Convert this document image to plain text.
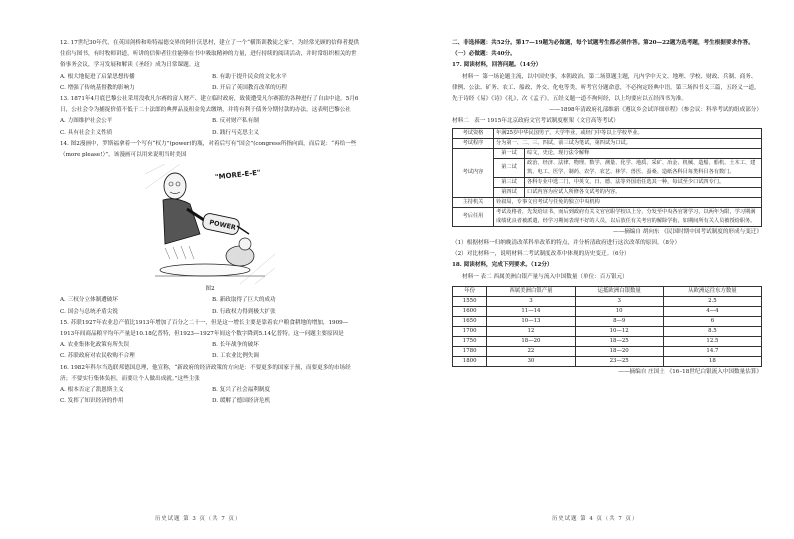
12. 17世纪30年代，在英国剑桥和哈特福德交界的阿什沃思村，建立了一个“横笛训教徒之家”，为经常光顾的信仰者提供住宿与图书，有时牧师讲道，听讲的信仰者往往能够在书中吸取精神的力量，进行持续的阅读活动，并时常组织相关的世俗事务会议，学习发展和解读《圣经》成为日常课题。这

A. 根大地促进了启蒙思想传播	B. 有助于提升民众的文化水平
C. 增强了传统基督教的影响力	D. 开启了英国教育改革的历程

13. 1871年4月底巴黎公社采用没收凡尔赛的富人财产、建立临时政府，致使遭受凡尔赛派的各种进行了自由中途。5月6日，公社会令为捕捉价值不低于二十法郎的典押品及租金免去缴纳，并将有利于债务分期付款的办法。这表明巴黎公社

A. 力图维护社会公平	B. 反对财产私有制
C. 具有社会主义性质	D. 践行马克思主义

14. 图2漫画中，罗斯福拿着一个写有“权力”(power)的瓶，对着后写有“国会”(congress所指向面，而后说：“再给一些（more please!）”，该漫画可以用来说明当时美国

"MORE-E-E"
POWER

图2

A. 三权分立体制遭破坏	B. 新政取得了巨大的成功
C. 国会与总统矛盾尖锐	D. 行政权力得到极大扩张

15. 苏联1927年农业总产值比1913年增加了百分之二十一，但是这一增长主要是靠着农户粮食耕地的增加，1909—1913年间商品粮平均年产量是10.18亿普特，但1923—1927年间这个数字降到5.14亿普特。这一问题主要原因是

A. 农业集体化政策有所失误	B. 长年战争的破坏
C. 苏联政府对农民收购不合理	D. 工农业比例失调

16. 1982年科尔当选联邦德国总理，他宣称，“新政府的经济政策的方向是：不要更多的国家于预，而要更多的市场经济；不要实行集体负担，而要让个人做出成就。”这些主张

A. 根本否定了凯恩斯主义	B. 复兴了社会福利制度
C. 发挥了知识经济的作用	D. 缓解了德国经济危机
历史试题 第 3 页（共 7 页）

二、非选择题：共52分。第17—19题为必做题，每个试题考生都必须作答。第20—22题为选考题，考生根据要求作答。

（一）必做题：共40分。

17. 阅读材料，回答问题。（14分）

材料一 第一场论题主流，以中国史事，本朝政治。第二场算题主题，凡内学中天文、地理、学校、财政、兵制、商务、律例、公法、矿务、农工、船政、外交、化电等类，听考官分题命意，不必拘定经典中语。第三场四书义三篇，五经义一道，先于诗经《易》《诗》《礼》，次《孟子》，五经义题一道不拘何经，以上均要应以五经四书为准。

——1898年清政府礼部维新《遵议乡会试详细章程》（参会议：科举考试的组成部分）

材料二 表一 1915年北京政府文官考试制度框架（文官高等考试）

考试资格	年满25岁中华民国男子，大学毕业，或经门中等以上学校毕业。	
考试程序	分为第一、二、三、四试，前三试为笔试，第四试为口试。	
考试内容	第一试	综文，史论，现行法令解释
	第二试	政治、经济、法律、物理、数学、测量、化学、地质、采矿、冶金、机械、造船、船机、土木工、建筑、电工、医学、制药、农学、农艺、林学、兽医、蚕桑、造纸各科目每类科目各有数门。
	第三试	各科专业中选二门，中英文，日、德、法等外国语任选其一种，每试至少口试四专门。
	第四试	口试内容为应试人所修各文试考的内容。
主持机关	铨叙局，专事文官考试与任免的独立中央机构	
考后任用	考试及格者，先发给证书，而后到政府有关文官官职学校以上分，分发至中央各官署学习，以两年为限，学习期满成绩优良者被派遣，经学习期间表现不好的人员，以后放任有关考官的解除学衔，如期间所有关人员被授给职务。	

——摘编自 胡向东 《民国时期中国考试制度的形成与变迁》

（1）根据材料一归纳晚清改革科举改革的特点，并分析清政府进行这次改革的原因。（8分）

（2）对比材料一，说明材料二考试制度改革中体现的历史变迁。（6分）

18. 阅读材料，完成下列要求。（12分）

材料一 表二 西属美洲白银产量与流入中国数量（单位：百万银元）

年份	西属美洲白银产量	运抵欧洲白银数量	从欧洲运往东方数量
1550	3	3	2.5
1600	11—14	10	4—4
1650	10—13	8—9	6
1700	12	10—12	8.5
1750	18—20	18—25	12.5
1780	22	18—20	14.7
1800	30	23—25	18

——摘编自 庄国土 《16–18世纪白银流入中国数量估算》

历史试题 第 4 页（共 7 页）
